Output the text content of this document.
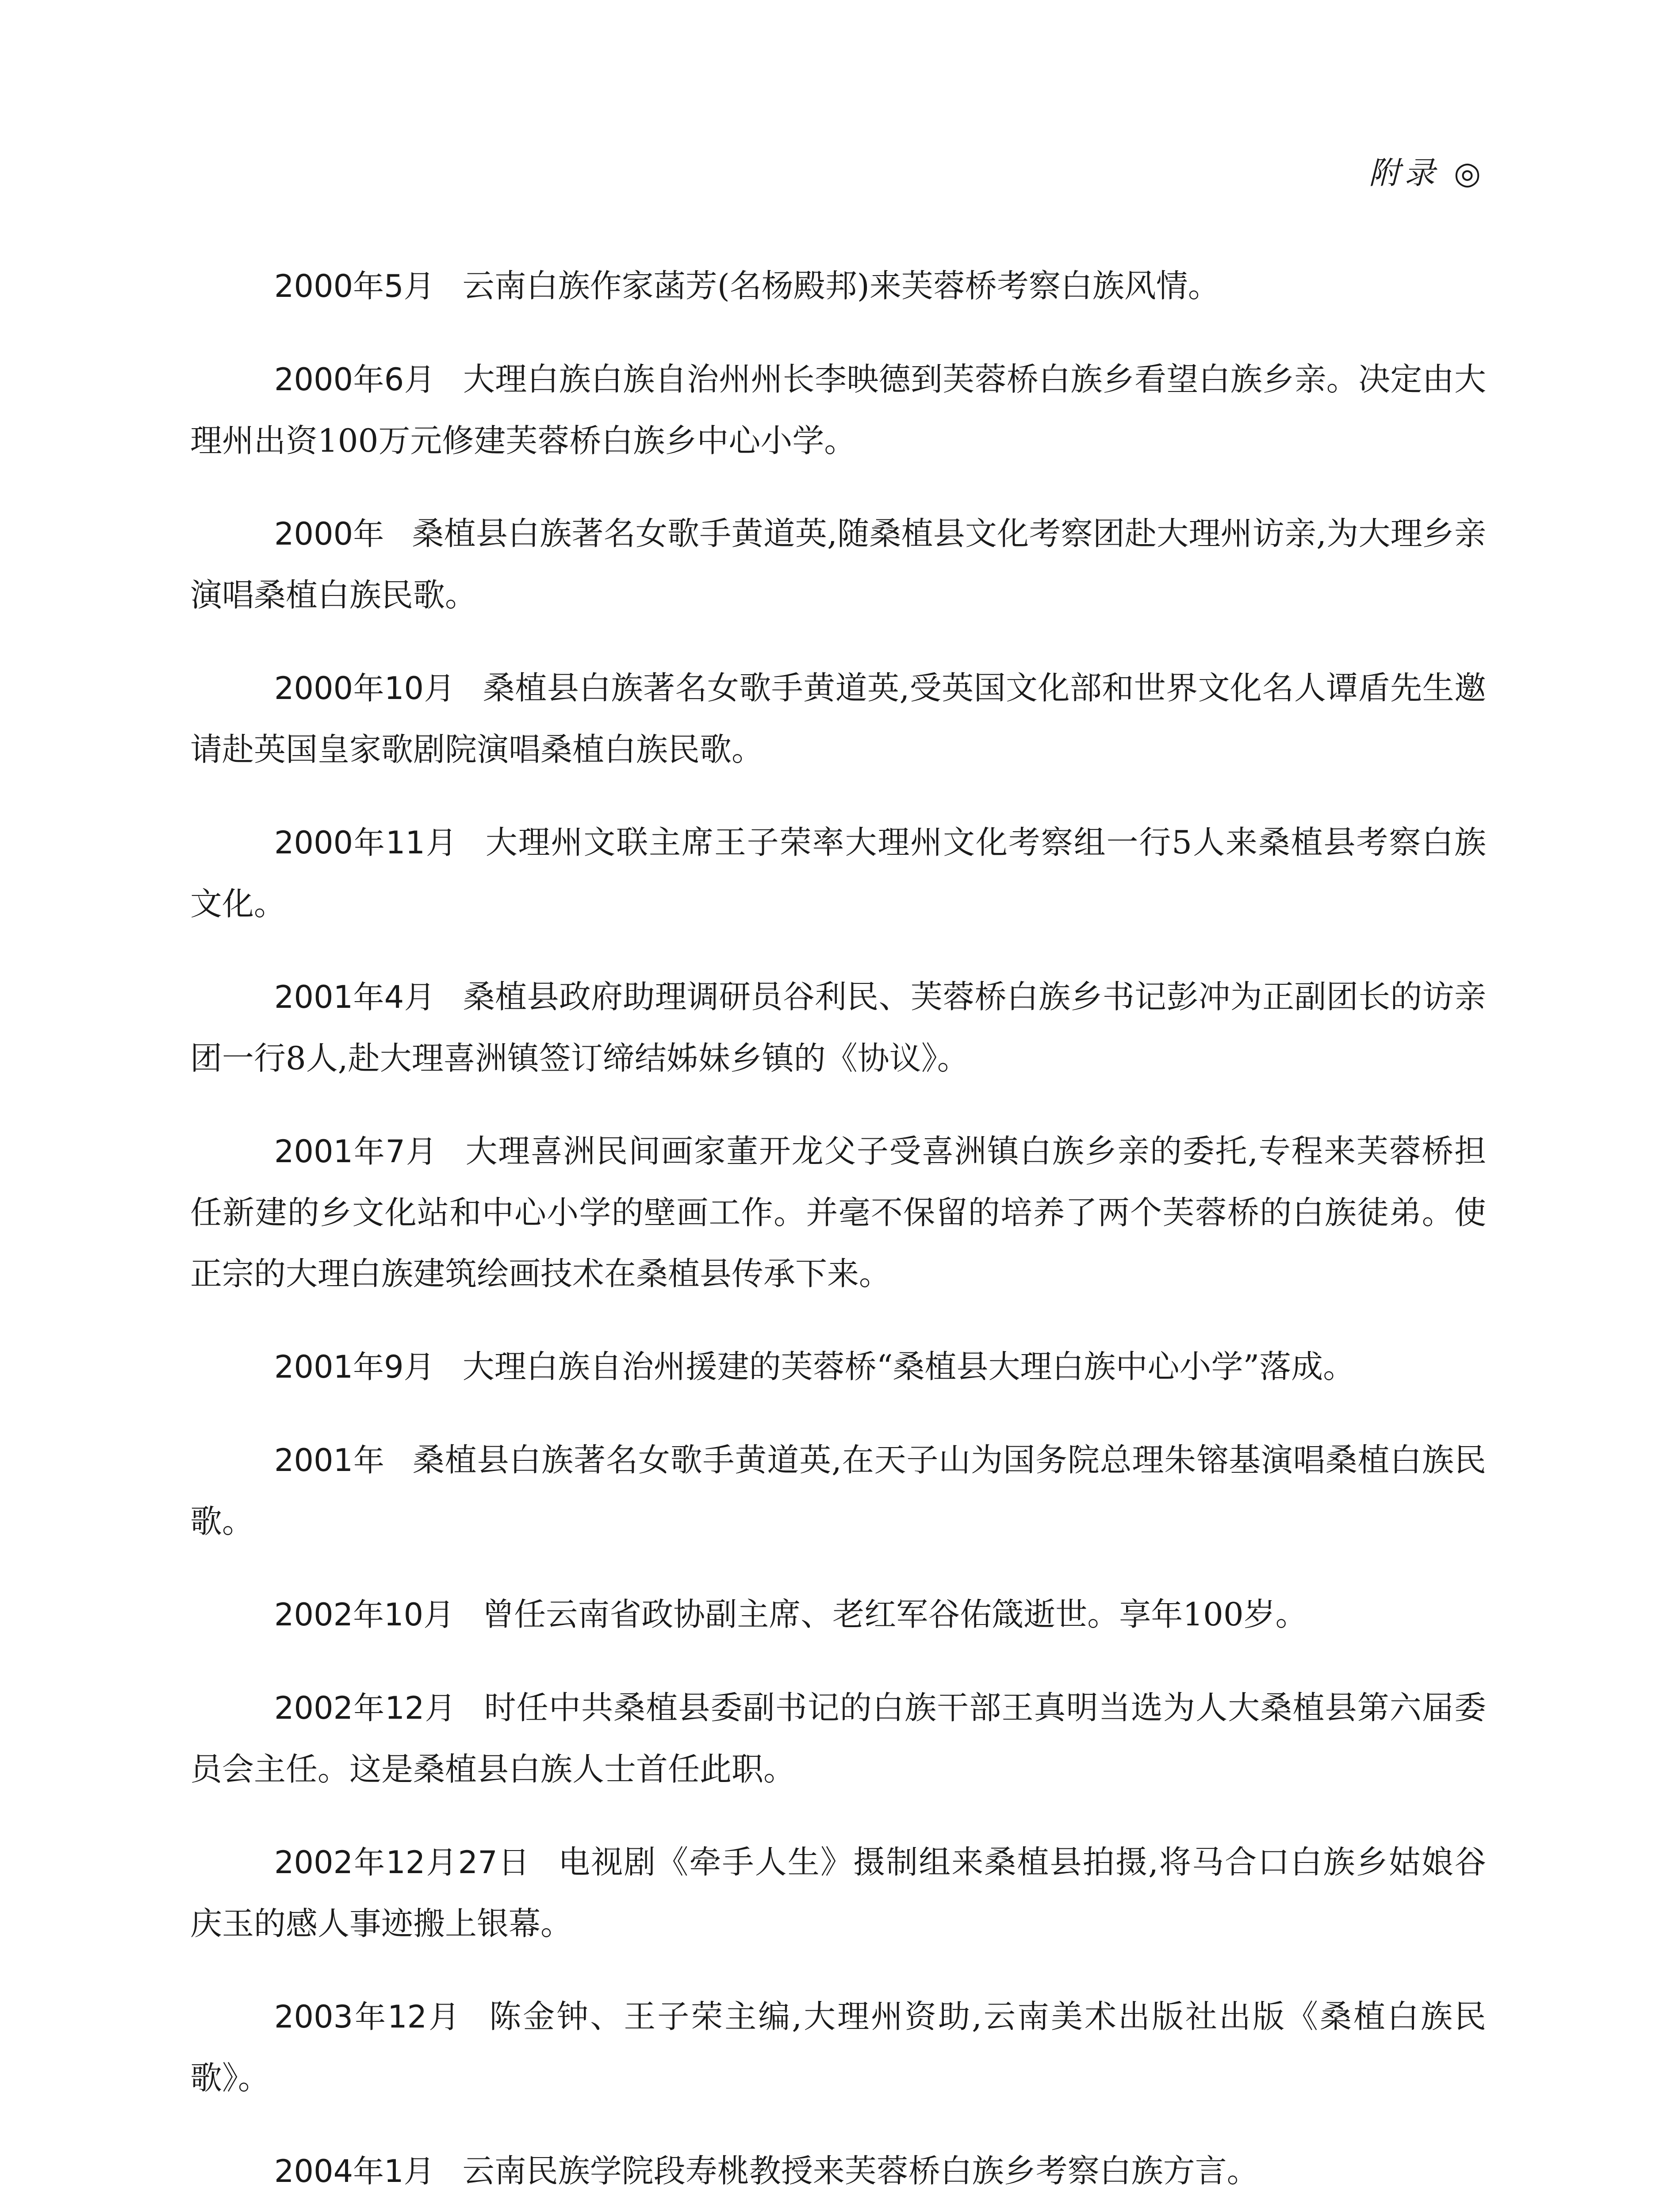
附录 ◎

2000年5月 云南白族作家菡芳(名杨殿邦)来芙蓉桥考察白族风情。

2000年6月 大理白族白族自治州州长李映德到芙蓉桥白族乡看望白族乡亲。决定由大理州出资100万元修建芙蓉桥白族乡中心小学。

2000年 桑植县白族著名女歌手黄道英,随桑植县文化考察团赴大理州访亲,为大理乡亲演唱桑植白族民歌。

2000年10月 桑植县白族著名女歌手黄道英,受英国文化部和世界文化名人谭盾先生邀请赴英国皇家歌剧院演唱桑植白族民歌。

2000年11月 大理州文联主席王子荣率大理州文化考察组一行5人来桑植县考察白族文化。

2001年4月 桑植县政府助理调研员谷利民、芙蓉桥白族乡书记彭冲为正副团长的访亲团一行8人,赴大理喜洲镇签订缔结姊妹乡镇的《协议》。

2001年7月 大理喜洲民间画家董开龙父子受喜洲镇白族乡亲的委托,专程来芙蓉桥担任新建的乡文化站和中心小学的壁画工作。并毫不保留的培养了两个芙蓉桥的白族徒弟。使正宗的大理白族建筑绘画技术在桑植县传承下来。

2001年9月 大理白族自治州援建的芙蓉桥“桑植县大理白族中心小学”落成。

2001年 桑植县白族著名女歌手黄道英,在天子山为国务院总理朱镕基演唱桑植白族民歌。

2002年10月 曾任云南省政协副主席、老红军谷佑箴逝世。享年100岁。

2002年12月 时任中共桑植县委副书记的白族干部王真明当选为人大桑植县第六届委员会主任。这是桑植县白族人士首任此职。

2002年12月27日 电视剧《牵手人生》摄制组来桑植县拍摄,将马合口白族乡姑娘谷庆玉的感人事迹搬上银幕。

2003年12月 陈金钟、王子荣主编,大理州资助,云南美术出版社出版《桑植白族民歌》。

2004年1月 云南民族学院段寿桃教授来芙蓉桥白族乡考察白族方言。
